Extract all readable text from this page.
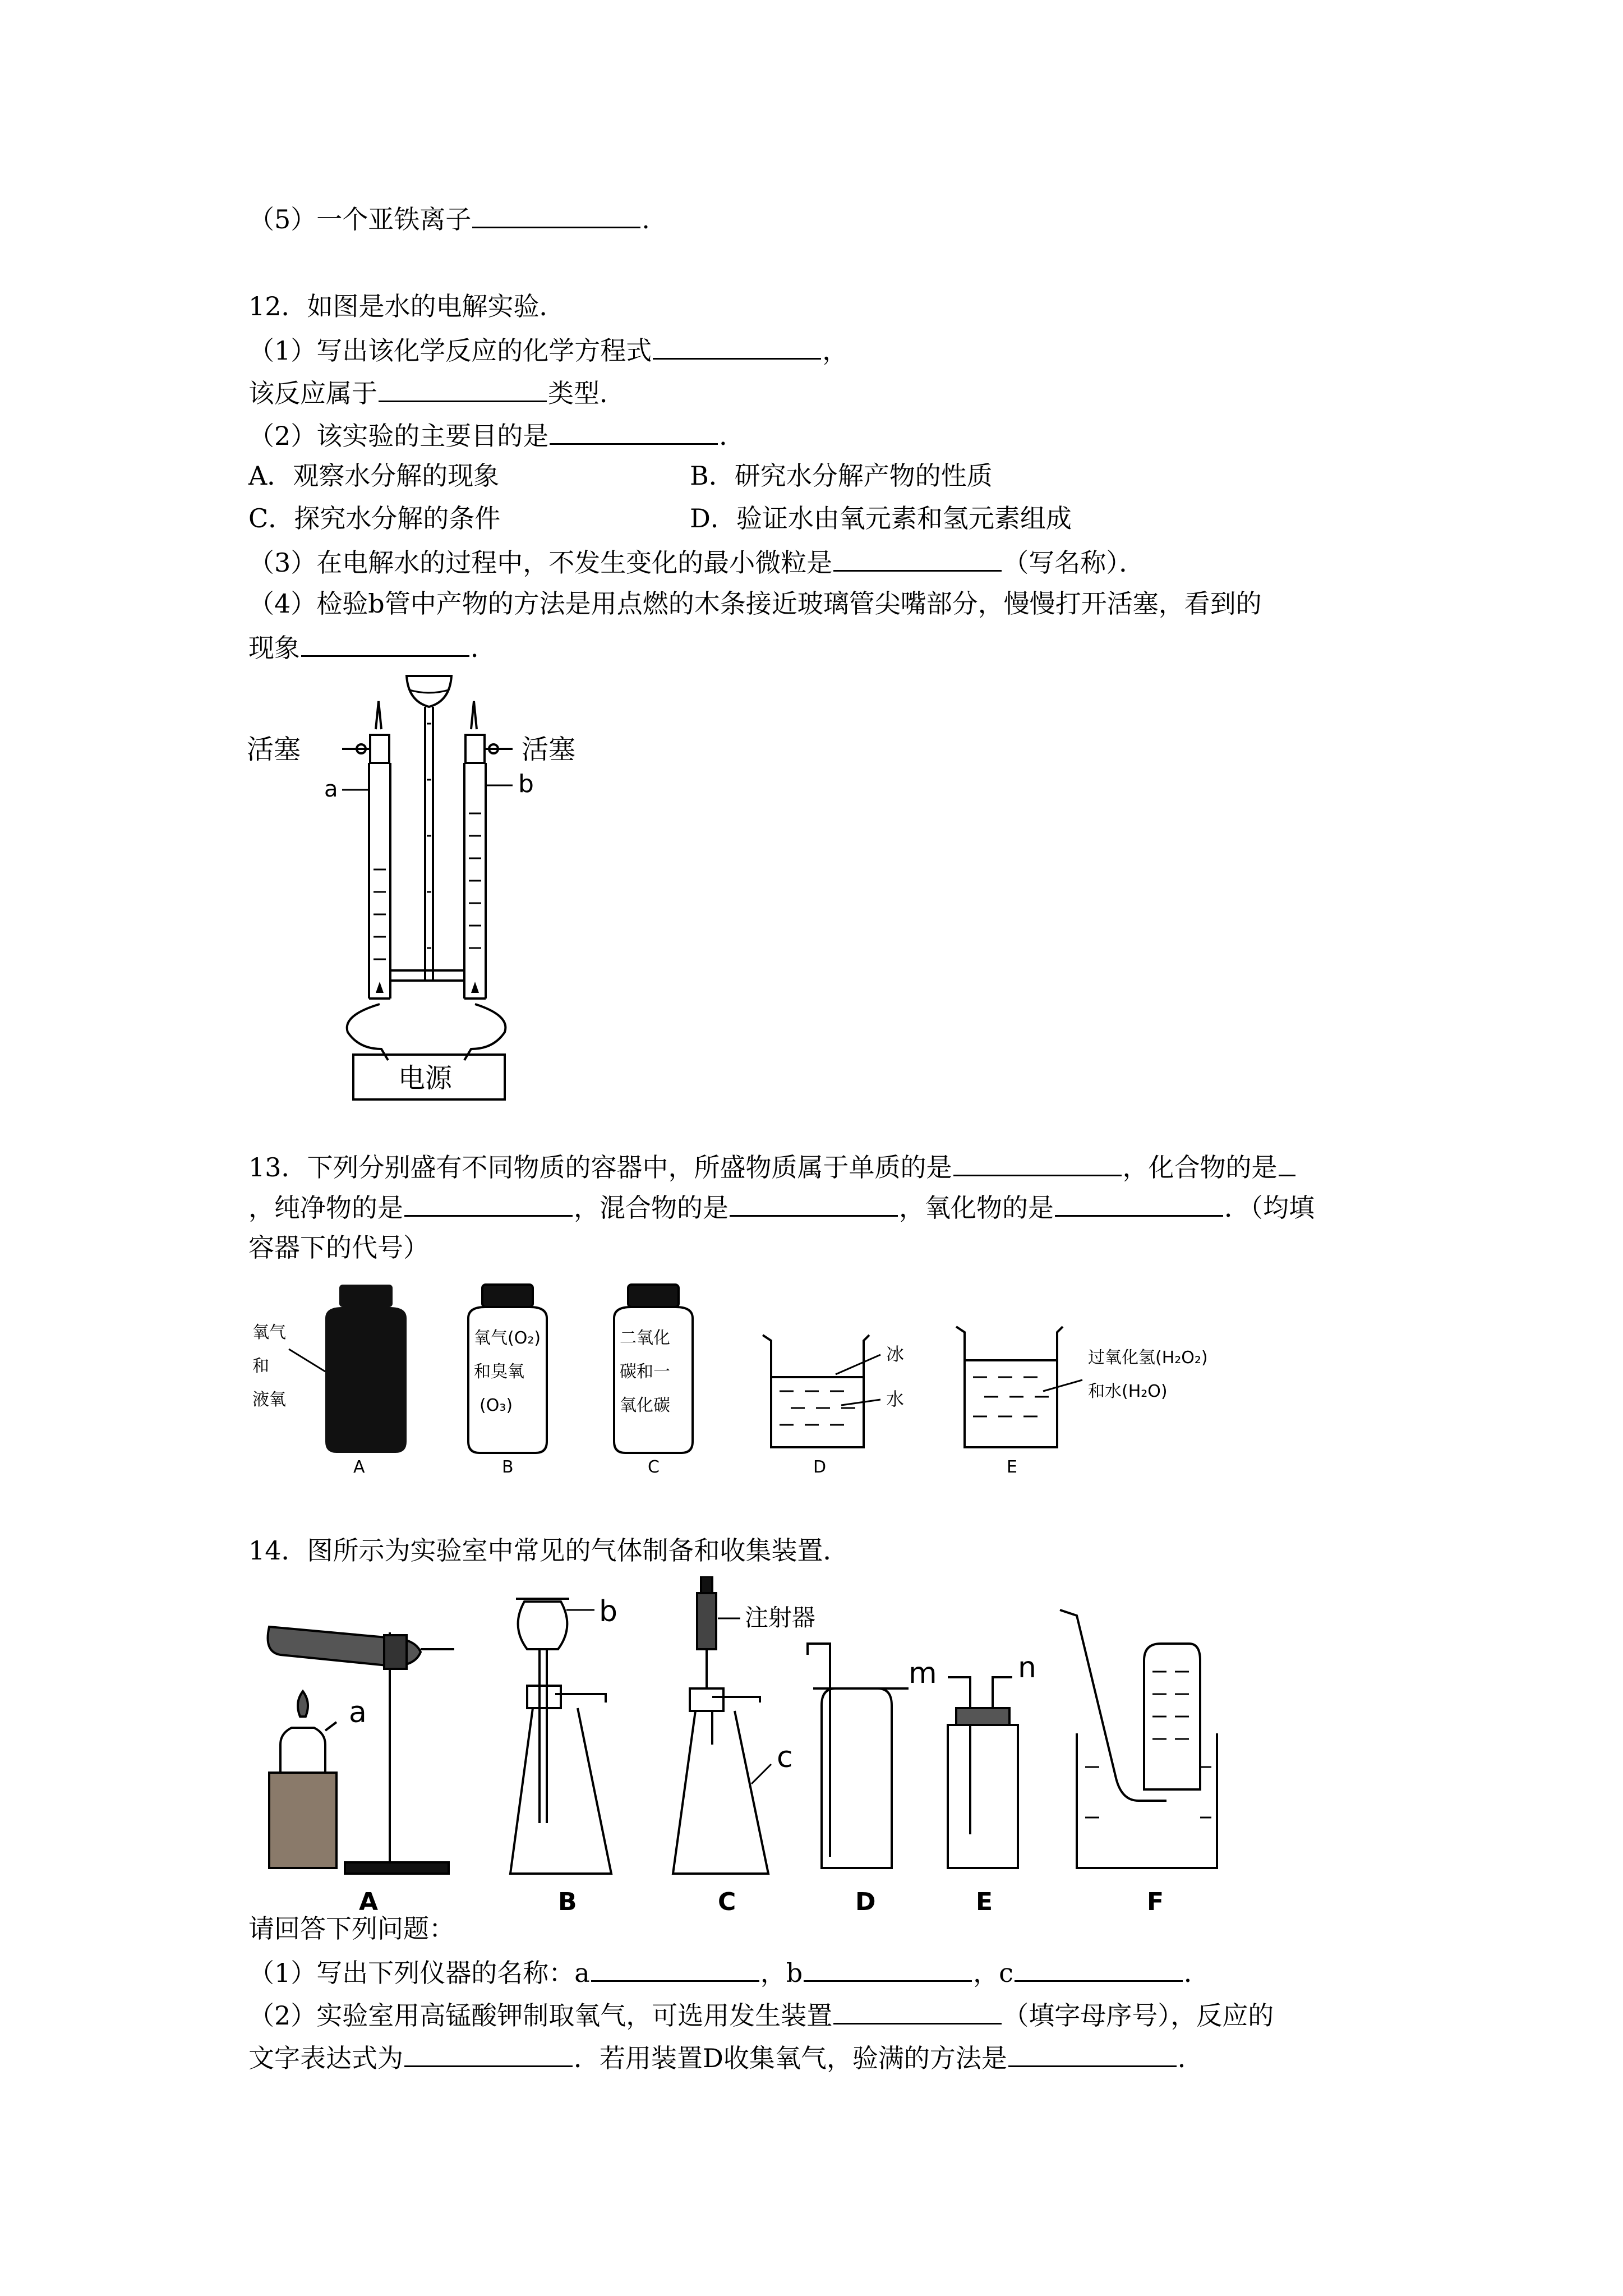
（5）一个亚铁离子	.
12．如图是水的电解实验．
（1）写出该化学反应的化学方程式	，
该反应属于	类型．
（2）该实验的主要目的是	．
A．观察水分解的现象	B．研究水分解产物的性质
C．探究水分解的条件	D．验证水由氧元素和氢元素组成
（3）在电解水的过程中，不发生变化的最小微粒是	（写名称）．
（4）检验b管中产物的方法是用点燃的木条接近玻璃管尖嘴部分，慢慢打开活塞，看到的
现象	．
活塞	活塞
a	b
电源
13．下列分别盛有不同物质的容器中，所盛物质属于单质的是	，化合物的是
，纯净物的是	，混合物的是	，氧化物的是	．（均填
容器下的代号）
氧气
和
液氧
A
氧气(O₂)
和臭氧
(O₃)
B
二氧化
碳和一
氧化碳
C
冰
水
D
过氧化氢(H₂O₂)
和水(H₂O)
E
14．图所示为实验室中常见的气体制备和收集装置．
a
b	注射器
c
m	n
A	B	C	D	E	F
请回答下列问题：
（1）写出下列仪器的名称：a	，b	，c	．
（2）实验室用高锰酸钾制取氧气，可选用发生装置	（填字母序号），反应的
文字表达式为	．若用装置D收集氧气，验满的方法是	．
